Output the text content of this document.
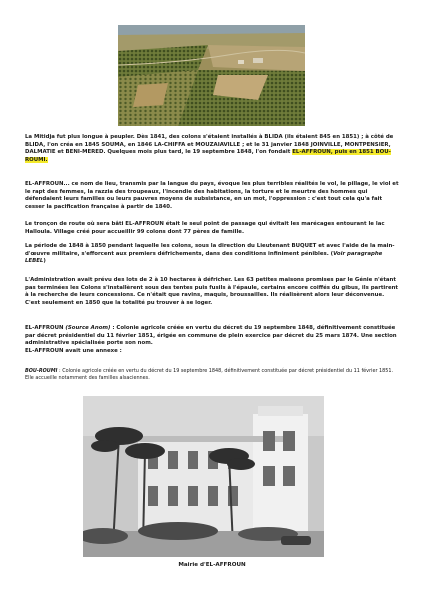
La Mitidja fut plus longue à peupler. Dès 1841, des colons s'étaient installés à BLIDA (ils étaient 845 en 1851) ; à côté de BLIDA, l'on créa en 1845 SOUMA, en 1846 LA-CHIFFA et MOUZAIAVILLE ; et le 31 janvier 1848 JOINVILLE, MONTPENSIER, DALMATIE et BENI-MERED. Quelques mois plus tard, le 19 septembre 1848, l'on fondait EL-AFFROUN, puis en 1851 BOU-ROUMI.

EL-AFFROUN... ce nom de lieu, transmis par la langue du pays, évoque les plus terribles réalités le vol, le pillage, le viol et le rapt des femmes, la razzia des troupeaux, l'incendie des habitations, la torture et le meurtre des hommes qui défendaient leurs familles ou leurs pauvres moyens de subsistance, en un mot, l'oppression : c'est tout cela qu'a fait cesser la pacification française à partir de 1840.

Le tronçon de route où sera bâti EL-AFFROUN était le seul point de passage qui évitait les marécages entourant le lac Halloula. Village créé pour accueillir 99 colons dont 77 pères de famille.

La période de 1848 à 1850 pendant laquelle les colons, sous la direction du Lieutenant BUQUET et avec l'aide de la main-d'œuvre militaire, s'efforcent aux premiers défrichements, dans des conditions infiniment pénibles. (Voir paragraphe LEBEL)

L'Administration avait prévu des lots de 2 à 10 hectares à défricher. Les 63 petites maisons promises par le Génie n'étant pas terminées les Colons s'installèrent sous des tentes puis fusils à l'épaule, certains encore coiffés du gibus, ils partirent à la recherche de leurs concessions. Ce n'était que ravins, maquis, broussailles. Ils réalisèrent alors leur déconvenue. C'est seulement en 1850 que la totalité pu trouver à se loger.

EL-AFFROUN (Source Anom) : Colonie agricole créée en vertu du décret du 19 septembre 1848, définitivement constituée par décret présidentiel du 11 février 1851, érigée en commune de plein exercice par décret du 25 mars 1874. Une section administrative spécialisée porte son nom.
EL-AFFROUN avait une annexe :

BOU-ROUMI : Colonie agricole créée en vertu du décret du 19 septembre 1848, définitivement constituée par décret présidentiel du 11 février 1851. Elle accueille notamment des familles alsaciennes.

Mairie d'EL-AFFROUN
